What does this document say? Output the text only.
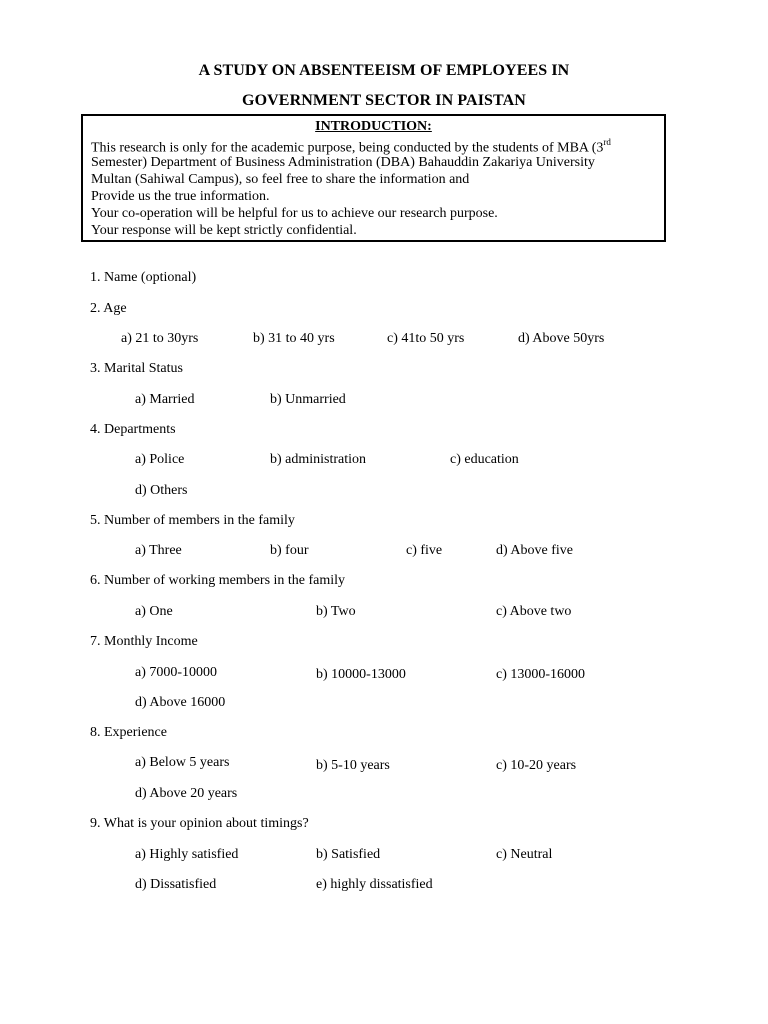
A STUDY ON ABSENTEEISM OF EMPLOYEES IN
GOVERNMENT SECTOR IN PAISTAN
INTRODUCTION:
This research is only for the academic purpose, being conducted by the students of MBA (3rd
Semester) Department of Business Administration (DBA) Bahauddin Zakariya University
Multan (Sahiwal Campus), so feel free to share the information and
Provide us the true information.
Your co-operation will be helpful for us to achieve our research purpose.
Your response will be kept strictly confidential.
1. Name (optional)
2. Age
a) 21 to 30yrs	b) 31 to 40 yrs	c) 41to 50 yrs	d) Above 50yrs
3. Marital Status
a) Married	b) Unmarried
4. Departments
a) Police	b) administration	c) education
d) Others
5. Number of members in the family
a) Three	b) four	c) five	d) Above five
6. Number of working members in the family
a) One	b) Two	c) Above two
7. Monthly Income
a) 7000-10000	b) 10000-13000	c) 13000-16000
d) Above 16000
8. Experience
a) Below 5 years	b) 5-10 years	c) 10-20 years
d) Above 20 years
9. What is your opinion about timings?
a) Highly satisfied	b) Satisfied	c) Neutral
d) Dissatisfied	e) highly dissatisfied
